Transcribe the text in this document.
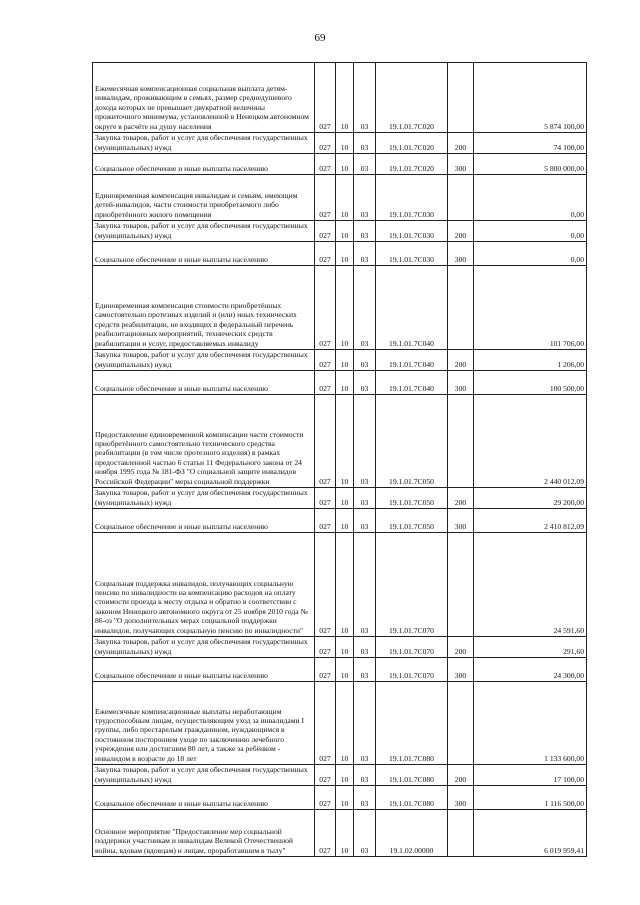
69
Ежемесячная компенсационная социальная выплата детям-инвалидам, проживающим в семьях, размер среднедушевого дохода которых не превышает двукратной величины прожиточного минимума, установленной в Ненецком автономном округе в расчёте на душу населения	027	10	03	19.1.01.7С020		5 874 100,00

Закупка товаров, работ и услуг для обеспечения государственных (муниципальных) нужд	027	10	03	19.1.01.7С020	200	74 100,00

Социальное обеспечение и иные выплаты населению	027	10	03	19.1.01.7С020	300	5 800 000,00

Единовременная компенсация инвалидам и семьям, имеющим детей-инвалидов, части стоимости приобретаемого либо приобретённого жилого помещения	027	10	03	19.1.01.7С030		0,00

Закупка товаров, работ и услуг для обеспечения государственных (муниципальных) нужд	027	10	03	19.1.01.7С030	200	0,00

Социальное обеспечение и иные выплаты населению	027	10	03	19.1.01.7С030	300	0,00

Единовременная компенсация стоимости приобретённых самостоятельно протезных изделий и (или) иных технических средств реабилитации, не входящих в федеральный перечень реабилитационных мероприятий, технических средств реабилитации и услуг, предоставляемых инвалиду	027	10	03	19.1.01.7С040		101 706,00

Закупка товаров, работ и услуг для обеспечения государственных (муниципальных) нужд	027	10	03	19.1.01.7С040	200	1 206,00

Социальное обеспечение и иные выплаты населению	027	10	03	19.1.01.7С040	300	100 500,00

Предоставление единовременной компенсации части стоимости приобретённого самостоятельно технического средства реабилитации (в том числе протезного изделия) в рамках предоставленной частью 6 статьи 11 Федерального закона от 24 ноября 1995 года № 181-ФЗ "О социальной защите инвалидов Российской Федерации" меры социальной поддержки	027	10	03	19.1.01.7С050		2 440 012,09

Закупка товаров, работ и услуг для обеспечения государственных (муниципальных) нужд	027	10	03	19.1.01.7С050	200	29 200,00

Социальное обеспечение и иные выплаты населению	027	10	03	19.1.01.7С050	300	2 410 812,09

Социальная поддержка инвалидов, получающих социальную пенсию по инвалидности на компенсацию расходов на оплату стоимости проезда к месту отдыха и обратно в соответствии с законом Ненецкого автономного округа от 25 ноября 2010 года № 86-оз "О дополнительных мерах социальной поддержки инвалидов, получающих социальную пенсию по инвалидности"	027	10	03	19.1.01.7С070		24 591,60

Закупка товаров, работ и услуг для обеспечения государственных (муниципальных) нужд	027	10	03	19.1.01.7С070	200	291,60

Социальное обеспечение и иные выплаты населению	027	10	03	19.1.01.7С070	300	24 300,00

Ежемесячные компенсационные выплаты неработающим трудоспособным лицам, осуществляющим уход за инвалидами I группы, либо престарелым гражданином, нуждающимся в постоянном постороннем уходе по заключению лечебного учреждения или достигшим 80 лет, а также за ребёнком - инвалидом в возрасте до 18 лет	027	10	03	19.1.01.7С080		1 133 600,00

Закупка товаров, работ и услуг для обеспечения государственных (муниципальных) нужд	027	10	03	19.1.01.7С080	200	17 100,00

Социальное обеспечение и иные выплаты населению	027	10	03	19.1.01.7С080	300	1 116 500,00

Основное мероприятие "Предоставление мер социальной поддержки участникам и инвалидам Великой Отечественной войны, вдовам (вдовцам) и лицам, проработавшим в тылу"	027	10	03	19.1.02.00000		6 019 959,41
